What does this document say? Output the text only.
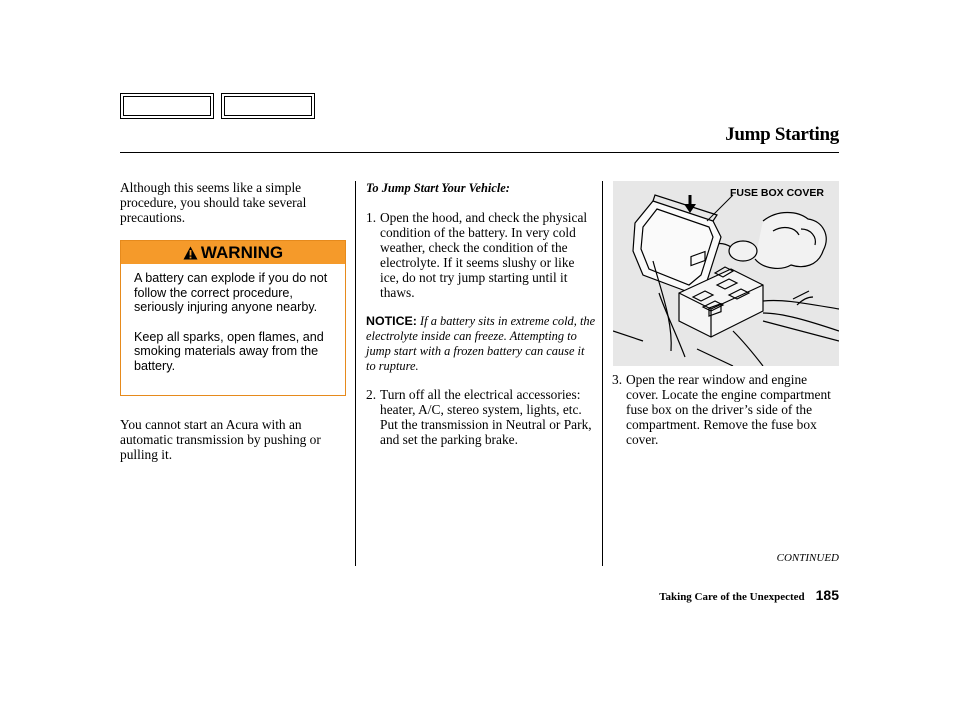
Jump Starting

Although this seems like a simple procedure, you should take several precautions.

WARNING

A battery can explode if you do not follow the correct procedure, seriously injuring anyone nearby.

Keep all sparks, open flames, and smoking materials away from the battery.

You cannot start an Acura with an automatic transmission by pushing or pulling it.

To Jump Start Your Vehicle:

1. Open the hood, and check the physical condition of the battery. In very cold weather, check the condition of the electrolyte. If it seems slushy or like ice, do not try jump starting until it thaws.

NOTICE: If a battery sits in extreme cold, the electrolyte inside can freeze. Attempting to jump start with a frozen battery can cause it to rupture.

2. Turn off all the electrical accessories: heater, A/C, stereo system, lights, etc. Put the transmission in Neutral or Park, and set the parking brake.
FUSE BOX COVER
3. Open the rear window and engine cover. Locate the engine compartment fuse box on the driver’s side of the compartment. Remove the fuse box cover.
CONTINUED
Taking Care of the Unexpected 185
